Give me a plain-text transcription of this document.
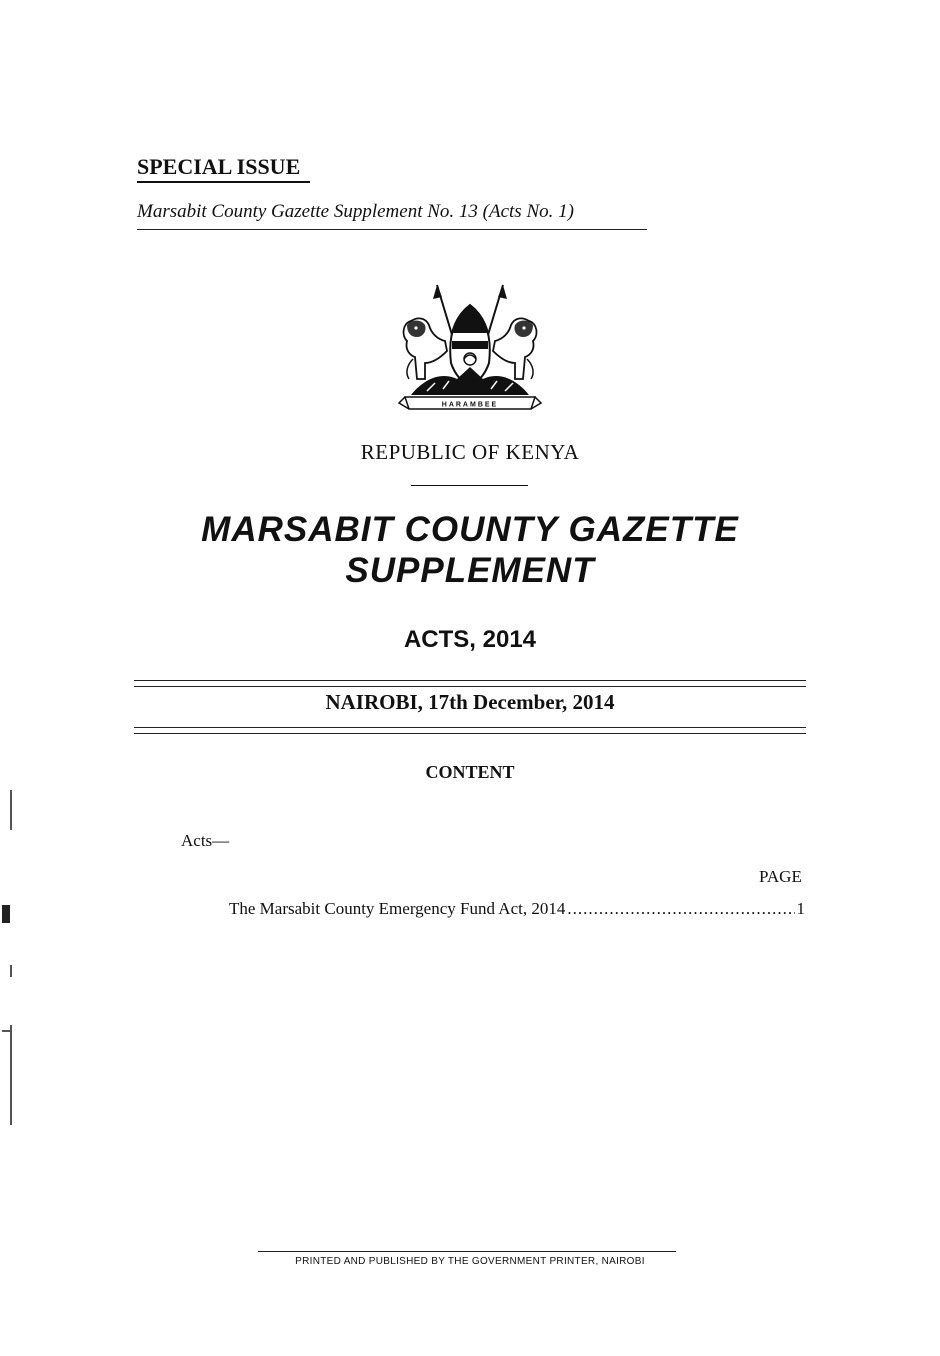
SPECIAL ISSUE
Marsabit County Gazette Supplement No. 13 (Acts No. 1)
HARAMBEE
REPUBLIC OF KENYA
MARSABIT COUNTY GAZETTE
SUPPLEMENT
ACTS, 2014
NAIROBI, 17th December, 2014
CONTENT
Acts—
PAGE
The Marsabit County Emergency Fund Act, 2014
.....	1
PRINTED AND PUBLISHED BY THE GOVERNMENT PRINTER, NAIROBI
